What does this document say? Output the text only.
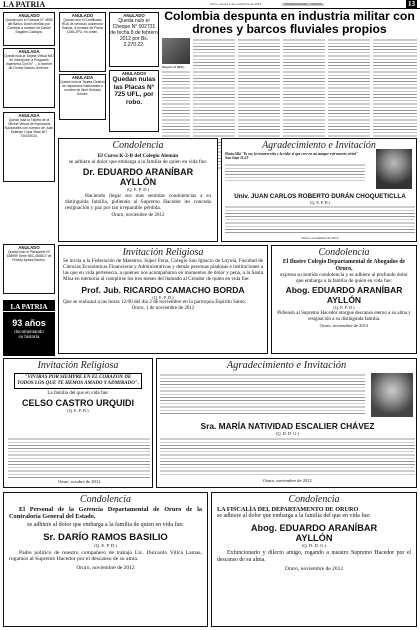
LA PATRIA	Oruro, jueves 1 de noviembre de 2012	INTERNACIONAL - AVISOS	13
ANULADO
Queda nulo el Cheque N° 4835 del Banco Unión emitido por Combral a nombre de Daniel Sagales Calizaya.
ANULADO
Queda nulo el Certificado RUA de vehículo automotor Bolivia, a nombre de Placa 1258-ZPU, en orden.
ANULADO
Queda nulo el Cheque N° 002731 de fecha 8 de febrero 2012 por Bs. 2.270.22.
ANULADA
Queda nula la Tarjeta Virtual N/D de Inscripción a Posgrado Ingeniería Civil N° ... a nombre de Dorbie Santos Jiménez.
ANULADA
Queda nula la Tarjeta Gestión de Impuestos Nacionales a nombre de Abel Hurtado Gómez.
ANULADOS
Quedan nulas las Placas N° 725 UFL, por robo.
ANULADA
Queda nula la Tarjeta de la Oficina Virtual de Impuestos Nacionales con número de Juan Esteban Copa Vitae NIT 734019010.
Colombia despunta en industria militar con drones y barcos fluviales propios
(Bogotá, 31 (EFE).-
Condolencia
El Curso K-2-B del Colegio Alemán
se adhiere al dolor que embarga a la familia de quien en vida fue:
Dr. EDUARDO ARANÍBAR AYLLÓN
(Q. E. P. D.)
Haciendo llegar sus más sentidas condolencias a su distinguida familia, pidiendo al Supremo Hacedor les conceda resignación y paz por tan irreparable pérdida.
Oruro, noviembre de 2012
Agradecimiento e Invitación
Hasta Allá "Yo soy la resurrección y la vida; el que cree en mí aunque esté muerto vivirá" San Juan 11:25
Univ. JUAN CARLOS ROBERTO DURÁN CHOQUETICLLA
(Q. E. P. D.)
Oruro, noviembre de 2012
ANULADO
Queda nulo el Pasaporte N° 638999 Serie 6BC-065817 de Freddy Apaza Santos.
LA PATRIA
93 años
documentando
su historia
Invitación Religiosa
Se invita a la Federación de Maestros, Súper Feria, Colegio San Ignacio de Loyola, Facultad de Ciencias Económicas Financieras y Administrativas y demás personas piadosas e instituciones a las que en vida pertenecía, a quienes nos acompañaron en momentos de dolor y pena, a la Santa Misa en memoria al cumplirse los tres meses del llamado al Creador de quien en vida fue:
Prof. Jub. RICARDO CAMACHO BORDA
(Q. E. P. D.)
Que se realizará a las horas 12:00 del día 2 de noviembre en la parroquia Espíritu Santo.
Oruro, 1 de noviembre de 2012
Condolencia
El Ilustre Colegio Departamental de Abogados de Oruro,
expresa su sentida condolencia y se adhiere al profundo dolor que embarga a la familia de quien en vida fue:
Abog. EDUARDO ARANÍBAR AYLLÓN
(Q. E. P. D.)
Pidiendo al Supremo Hacedor otorgue descanso eterno a su alma y resignación a su distinguida familia.
Oruro, noviembre de 2012
Invitación Religiosa
"VIVIRÁS POR SIEMPRE EN EL CORAZÓN DE TODOS LOS QUE TE HEMOS AMADO Y ADMIRADO".
La familia del que en vida fue:
CELSO CASTRO URQUIDI
(Q. E. P. D.)
Oruro, octubre de 2012
Agradecimiento e Invitación
Sra. MARÍA NATIVIDAD ESCALIER CHÁVEZ
(Q. D. D. G.)
Oruro, noviembre de 2012
Condolencia
El Personal de la Gerencia Departamental de Oruro de la Contraloría General del Estado,
se adhiere al dolor que embarga a la familia de quien en vida fue:
Sr. DARÍO RAMOS BASILIO
(Q. E. P. D.)
Padre político de nuestro compañero de trabajo Lic. Dulcardo Villca Lamas, rogamos al Supremo Hacedor por el descanso de su alma.
Oruro, noviembre de 2012
Condolencia
LA FISCALÍA DEL DEPARTAMENTO DE ORURO
se adhiere al dolor que embarga a la familia del que en vida fue:
Abog. EDUARDO ARANÍBAR AYLLÓN
(Q. D. D. G.)
Exfuncionario y dilecto amigo, rogando a nuestro Supremo Hacedor por el descanso de su alma.
Oruro, noviembre de 2012
